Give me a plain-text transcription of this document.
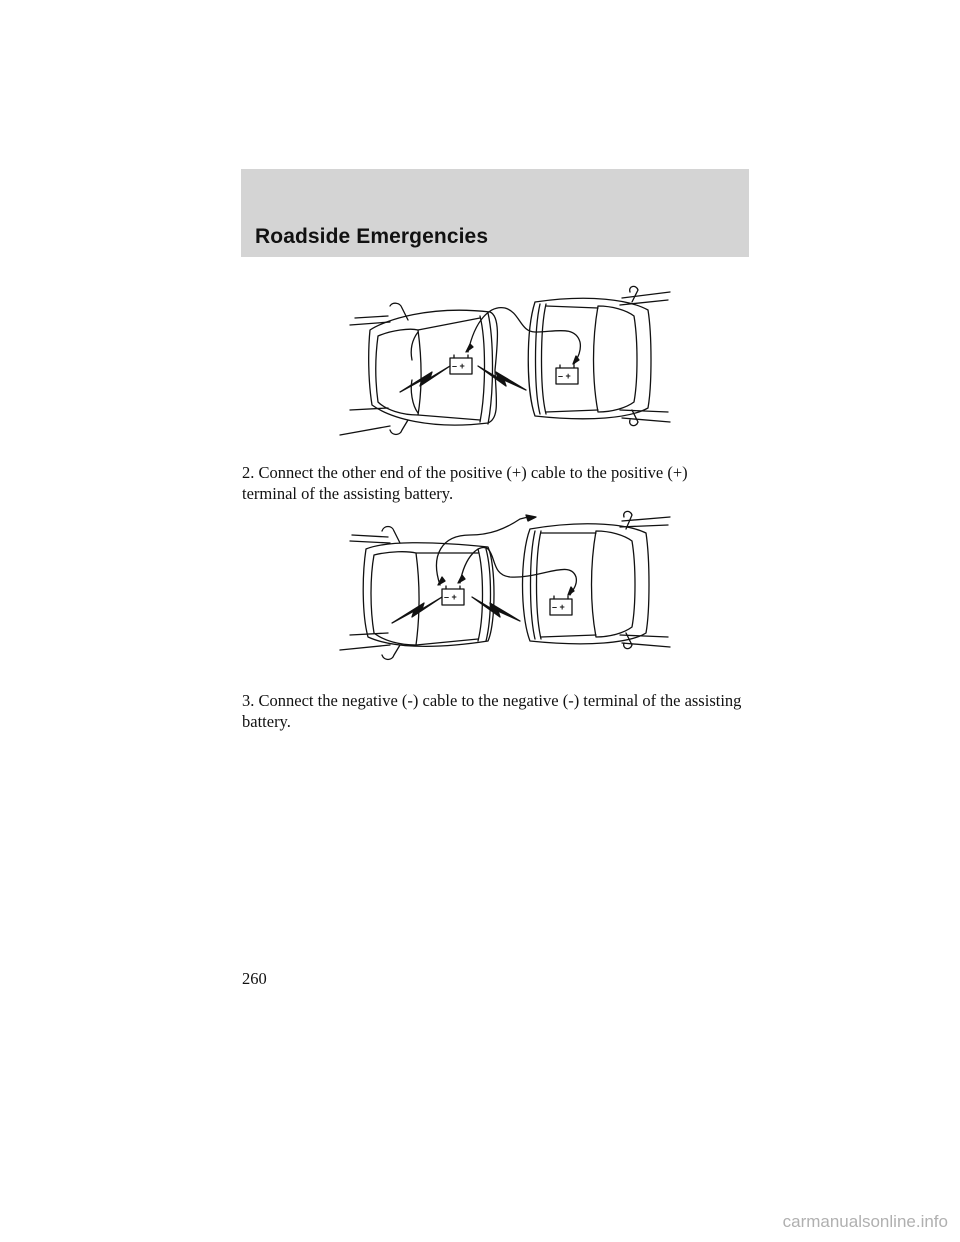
Roadside Emergencies
– +
– +

2. Connect the other end of the positive (+) cable to the positive (+) terminal of the assisting battery.

– +
– +

3. Connect the negative (-) cable to the negative (-) terminal of the assisting battery.

260

carmanualsonline.info
